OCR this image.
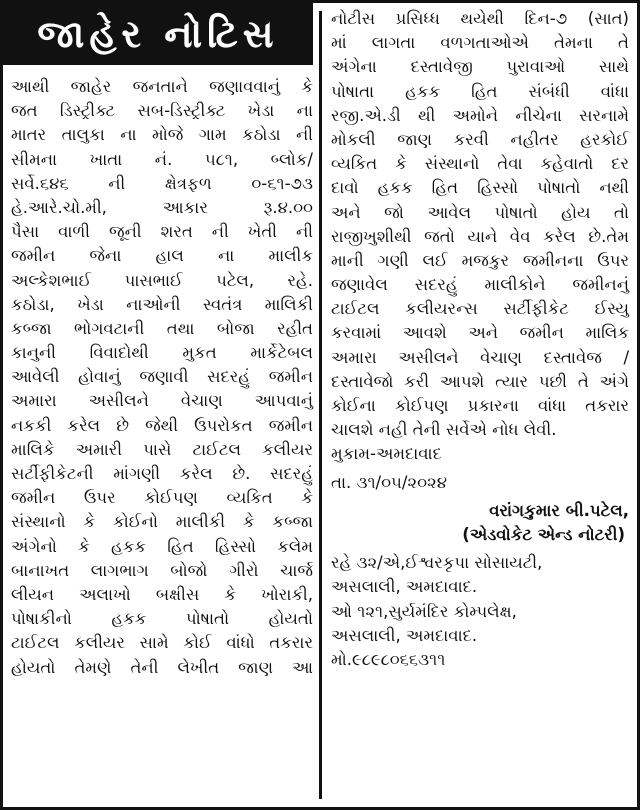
જાહેર નોટિસ
આથી જાહેર જનતાને જણાવવાનું કે
જત ડિસ્ટ્રીક્ટ સબ-ડિસ્ટ્રીક્ટ ખેડા ના
માતર તાલુકા ના મોજે ગામ કઠોડા ની
સીમના ખાતા નં. ૫૮૧, બ્લોક/
સર્વે.૬૪૬ ની ક્ષેત્રફળ ૦-૬૧-૭૩
હે.આરે.ચો.મી, આકાર રૂ.૪.૦૦
પૈસા વાળી જૂની શરત ની ખેતી ની
જમીન જેના હાલ ના માલીક
અલ્કેશભાઈ પાસભાઈ પટેલ, રહે.
કઠોડા, ખેડા નાઓની સ્વતંત્ર માલિકી
કબ્જા ભોગવટાની તથા બોજા રહીત
કાનુની વિવાદોથી મુકત માર્કેટેબલ
આવેલી હોવાનું જણાવી સદરહું જમીન
અમારા અસીલને વેચાણ આપવાનું
નકકી કરેલ છે જેથી ઉપરોકત જમીન
માલિકે અમારી પાસે ટાઈટલ કલીયર
સર્ટીફીકેટની માંગણી કરેલ છે. સદરહું
જમીન ઉપર કોઈપણ વ્યકિત કે
સંસ્થાનો કે કોઈનો માલીકી કે કબ્જા
અંગેનો કે હકક હિત હિસ્સો કલેમ
બાનાખત લાગભાગ બોજો ગીરો ચાર્જ
લીયન અલાખો બક્ષીસ કે ખોરાકી,
પોષાકીનો હકક પોષાતો હોયતો
ટાઈટલ કલીયર સામે કોઈ વાંધો તકરાર
હોયતો તેમણે તેની લેખીત જાણ આ
નોટીસ પ્રસિધ્ધ થયેથી દિન-૭ (સાત)
માં લાગતા વળગતાઓએ તેમના તે
અંગેના દસ્તાવેજી પુરાવાઓ સાથે
પોષાતા હકક હિત સંબંધી વાંધા
રજી.એ.ડી થી અમોને નીચેના સરનામે
મોકલી જાણ કરવી નહીતર હરકોઈ
વ્યકિત કે સંસ્થાનો તેવા કહેવાતો દર
દાવો હકક હિત હિસ્સો પોષાતો નથી
અને જો આવેલ પોષાતો હોય તો
રાજીખુશીથી જતો યાને વેવ કરેલ છે.તેમ
માની ગણી લઈ મજકુર જમીનના ઉપર
જણાવેલ સદરહું માલીકોને જમીનનું
ટાઈટલ કલીયરન્સ સર્ટીફીકેટ ઈસ્યુ
કરવામાં આવશે અને જમીન માલિક
અમારા અસીલને વેચાણ દસ્તાવેજ /
દસ્તાવેજો કરી આપશે ત્યાર પછી તે અંગે
કોઈના કોઈપણ પ્રકારના વાંધા તકરાર
ચાલશે નહી તેની સર્વેએ નોધ લેવી.
મુકામ-અમદાવાદ
તા. ૩૧/૦૫/૨૦૨૪
વરાંગકુમાર બી.પટેલ,
(એડવોકેટ એન્ડ નોટરી)
રહે ૩૨/એ,ઈશ્વરકૃપા સોસાયટી,
અસલાલી, અમદાવાદ.
ઓ ૧૨૧,સુર્યમંદિર કોમ્પલેક્ષ,
અસલાલી, અમદાવાદ.
મો.૯૮૯૮૦૬૬૩૧૧
